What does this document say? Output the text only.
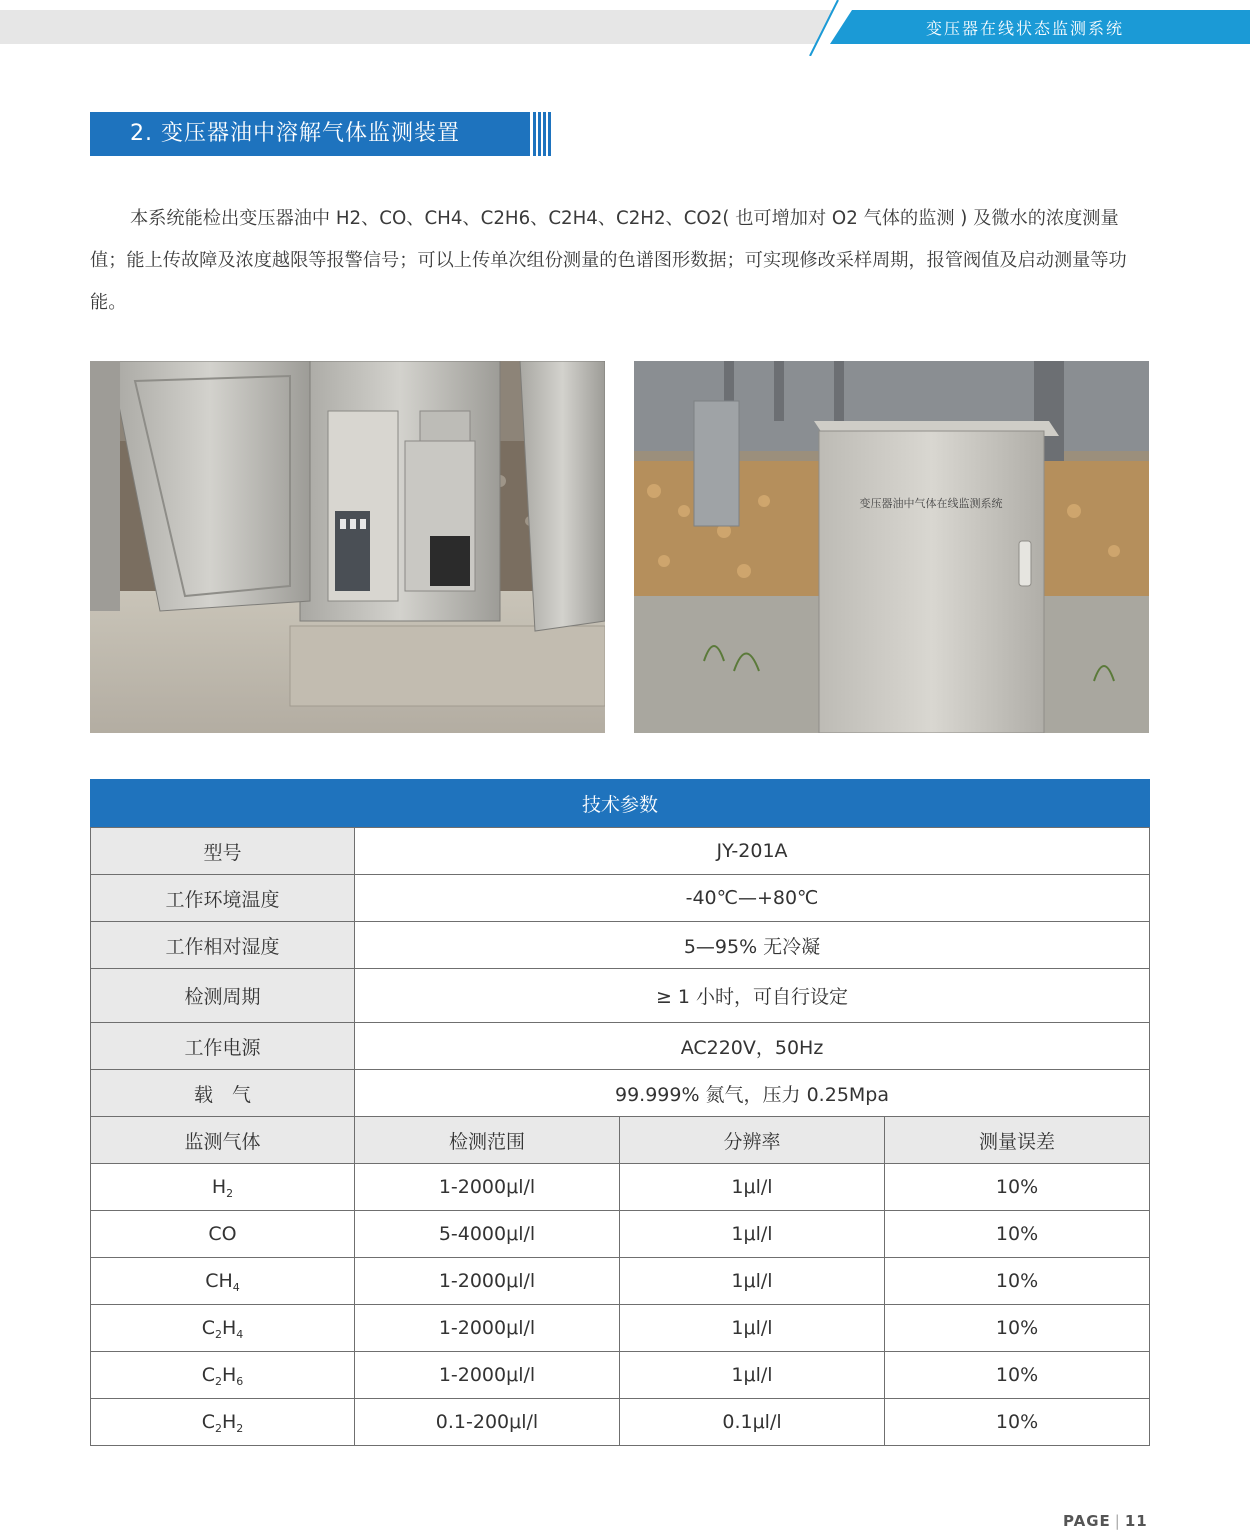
变压器在线状态监测系统
2. 变压器油中溶解气体监测装置
本系统能检出变压器油中 H2、CO、CH4、C2H6、C2H4、C2H2、CO2( 也可增加对 O2 气体的监测 ) 及微水的浓度测量值；能上传故障及浓度越限等报警信号；可以上传单次组份测量的色谱图形数据；可实现修改采样周期，报管阀值及启动测量等功能。
变压器油中气体在线监测系统
技术参数			
型号	JY-201A		
工作环境温度	-40℃—+80℃		
工作相对湿度	5—95% 无冷凝		
检测周期	≥ 1 小时，可自行设定		
工作电源	AC220V，50Hz		
载　气	99.999% 氮气，压力 0.25Mpa		
监测气体	检测范围	分辨率	测量误差
$H_2$	1-2000μl/l	1μl/l	10%
CO	5-4000μl/l	1μl/l	10%
$CH_4$	1-2000μl/l	1μl/l	10%
$C_2H_4$	1-2000μl/l	1μl/l	10%
$C_2H_6$	1-2000μl/l	1μl/l	10%
$C_2H_2$	0.1-200μl/l	0.1μl/l	10%
PAGE | 11
